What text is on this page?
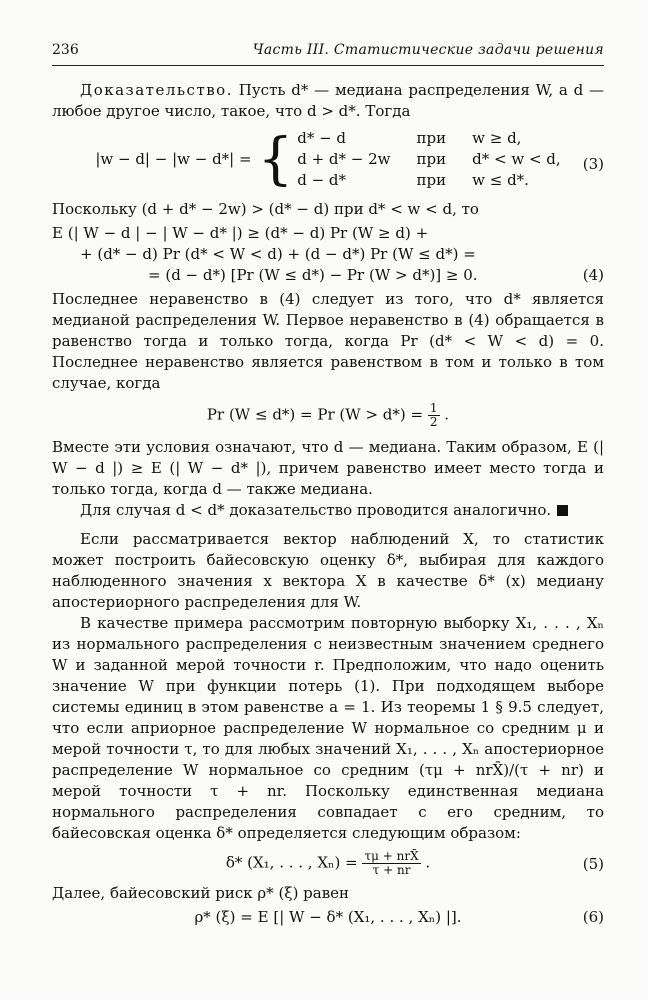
236	Часть III. Статистические задачи решения

Доказательство. Пусть d* — медиана распределения W, а d — любое другое число, такое, что d > d*. Тогда

|w − d| − |w − d*| = { d* − d	при w ≥ d,
d + d* − 2w при d* < w < d,
d − d*	при w ≤ d*.
(3)

Поскольку (d + d* − 2w) > (d* − d) при d* < w < d, то

E (| W − d | − | W − d* |) ≥ (d* − d) Pr (W ≥ d) +
+ (d* − d) Pr (d* < W < d) + (d − d*) Pr (W ≤ d*) =
= (d − d*) [Pr (W ≤ d*) − Pr (W > d*)] ≥ 0.	(4)

Последнее неравенство в (4) следует из того, что d* является медианой распределения W. Первое неравенство в (4) обращается в равенство тогда и только тогда, когда Pr (d* < W < d) = 0. Последнее неравенство является равенством в том и только в том случае, когда

Pr (W ≤ d*) = Pr $(W > d*) = \frac{1}{2}$ .

Вместе эти условия означают, что d — медиана. Таким образом, E (| W − d |) ≥ E (| W − d* |), причем равенство имеет место тогда и только тогда, когда d — также медиана.

Для случая d < d* доказательство проводится аналогично.

Если рассматривается вектор наблюдений X, то статистик может построить байесовскую оценку δ*, выбирая для каждого наблюденного значения x вектора X в качестве δ* (x) медиану апостериорного распределения для W.

В качестве примера рассмотрим повторную выборку X₁, . . . , Xₙ из нормального распределения с неизвестным значением среднего W и заданной мерой точности r. Предположим, что надо оценить значение W при функции потерь (1). При подходящем выборе системы единиц в этом равенстве a = 1. Из теоремы 1 § 9.5 следует, что если априорное распределение W нормальное со средним μ и мерой точности τ, то для любых значений X₁, . . . , Xₙ апостериорное распределение W нормальное со средним (τμ + nrX̄)/(τ + nr) и мерой точности τ + nr. Поскольку единственная медиана нормального распределения совпадает с его средним, то байесовская оценка δ* определяется следующим образом:

δ* (X₁, . . . , $X_n) = \frac{\text{τμ + nrX̄}}{\tau + nr}$ .	(5)

Далее, байесовский риск ρ* (ξ) равен

ρ* (ξ) = E [| W − δ* (X₁, . . . , Xₙ) |].	(6)
